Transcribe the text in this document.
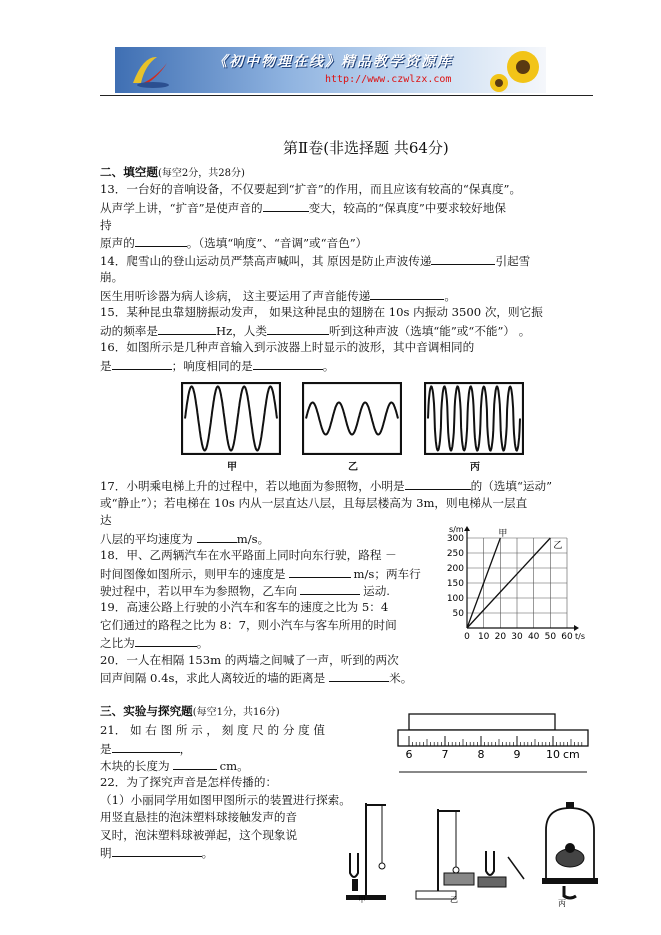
《初中物理在线》精品教学资源库
http://www.czwlzx.com
第Ⅱ卷(非选择题 共64分)
二、填空题(每空2分，共28分)
13．一台好的音响设备，不仅要起到“扩音”的作用，而且应该有较高的“保真度”。
从声学上讲，“扩音”是使声音的	变大，较高的“保真度”中要求较好地保
持
原声的	。（选填“响度”、“音调”或“音色”）
14．爬雪山的登山运动员严禁高声喊叫，其 原因是防止声波传递	引起雪
崩。
医生用听诊器为病人诊病， 这主要运用了声音能传递	。
15．某种昆虫靠翅膀振动发声， 如果这种昆虫的翅膀在 10s 内振动 3500 次，则它振
动的频率是	Hz，人类	听到这种声波（选填“能”或“不能”） 。
16．如图所示是几种声音输入到示波器上时显示的波形，其中音调相同的
是	；响度相同的是	。
甲	乙	丙
17．小明乘电梯上升的过程中，若以地面为参照物，小明是	的（选填“运动”
或“静止”）；若电梯在 10s 内从一层直达八层，且每层楼高为 3m，则电梯从一层直
达
八层的平均速度为	m/s。
18．甲、乙两辆汽车在水平路面上同时向东行驶，路程 －
时间图像如图所示，则甲车的速度是	m/s；两车行
驶过程中，若以甲车为参照物，乙车向	运动.
19．高速公路上行驶的小汽车和客车的速度之比为 5：4
它们通过的路程之比为 8：7，则小汽车与客车所用的时间
之比为	。
20．一人在相隔 153m 的两墙之间喊了一声，听到的两次
回声间隔 0.4s，求此人离较近的墙的距离是	米。
0 10 20 30 40 50 60
50
100
150
200
250
300
s/m
t/s
甲
乙
三、实验与探究题(每空1分，共16分)
21． 如 右 图 所 示 ， 刻 度 尺 的 分 度 值
是	，
木块的长度为	cm。
22．为了探究声音是怎样传播的：
（1）小丽同学用如图甲图所示的装置进行探索。
用竖直悬挂的泡沫塑料球接触发声的音
叉时，泡沫塑料球被弹起，这个现象说
明	。
6	7	8	9 10 cm
甲	乙	丙
